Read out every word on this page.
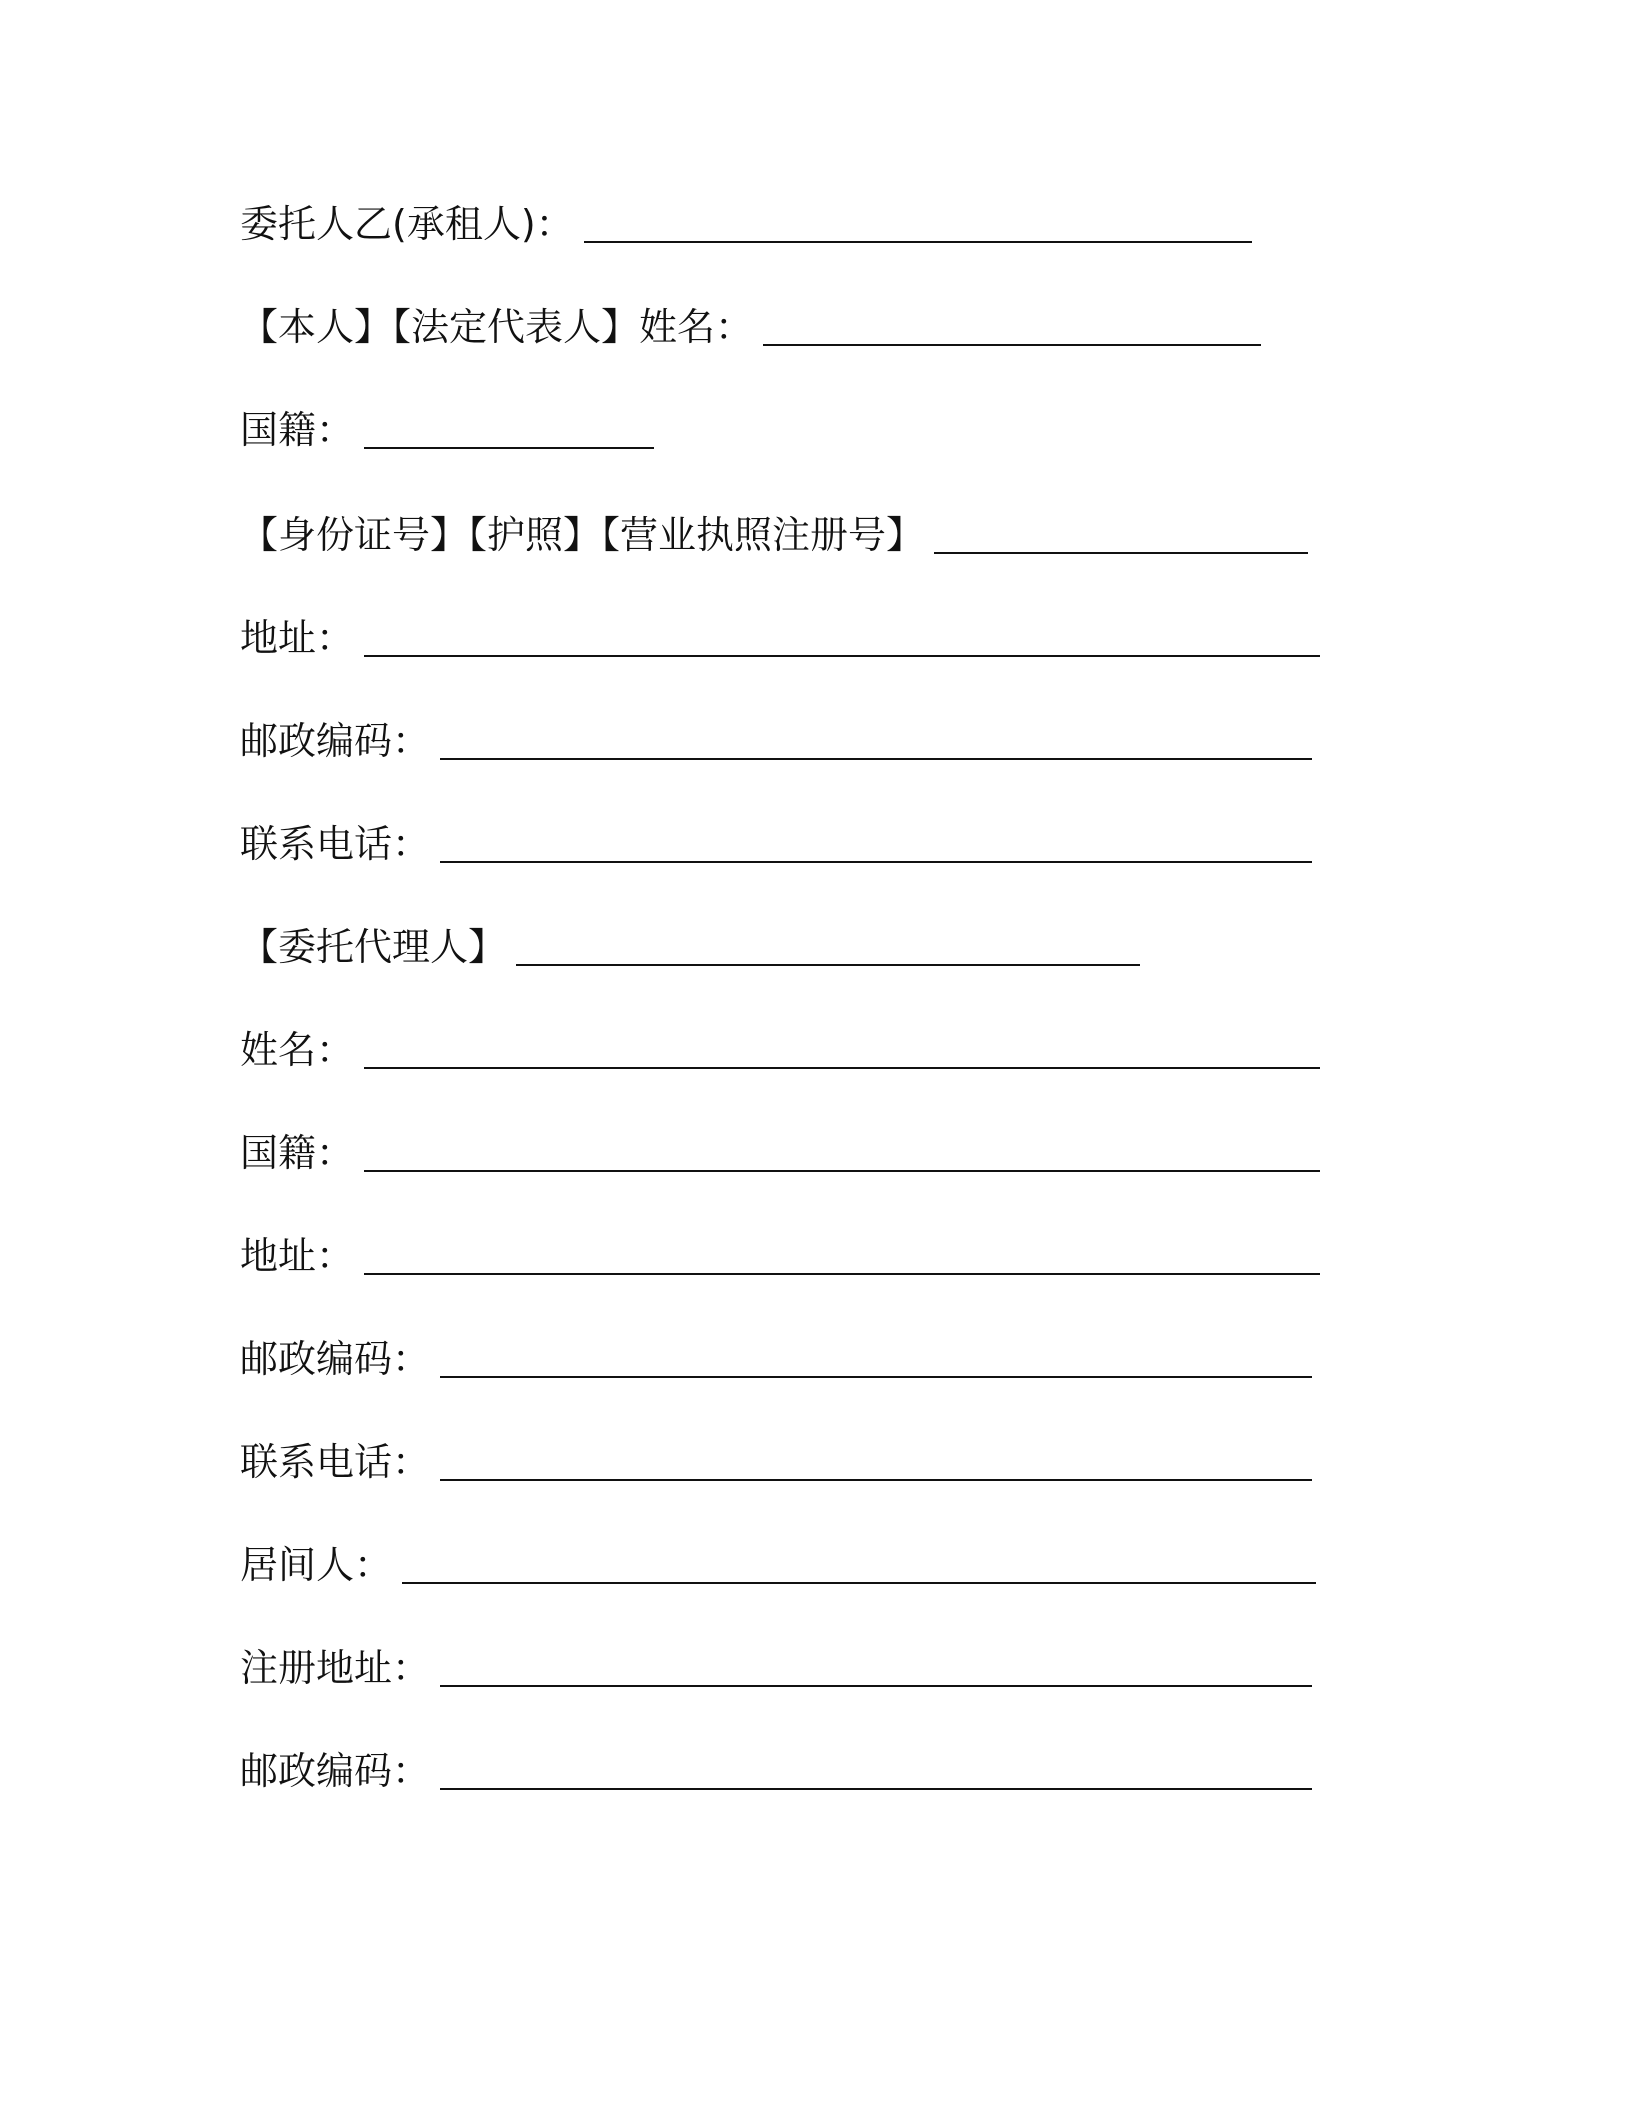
委托人乙(承租人)：
【本人】【法定代表人】姓名：
国籍：
【身份证号】【护照】【营业执照注册号】
地址：
邮政编码：
联系电话：
【委托代理人】
姓名：
国籍：
地址：
邮政编码：
联系电话：
居间人：
注册地址：
邮政编码：
